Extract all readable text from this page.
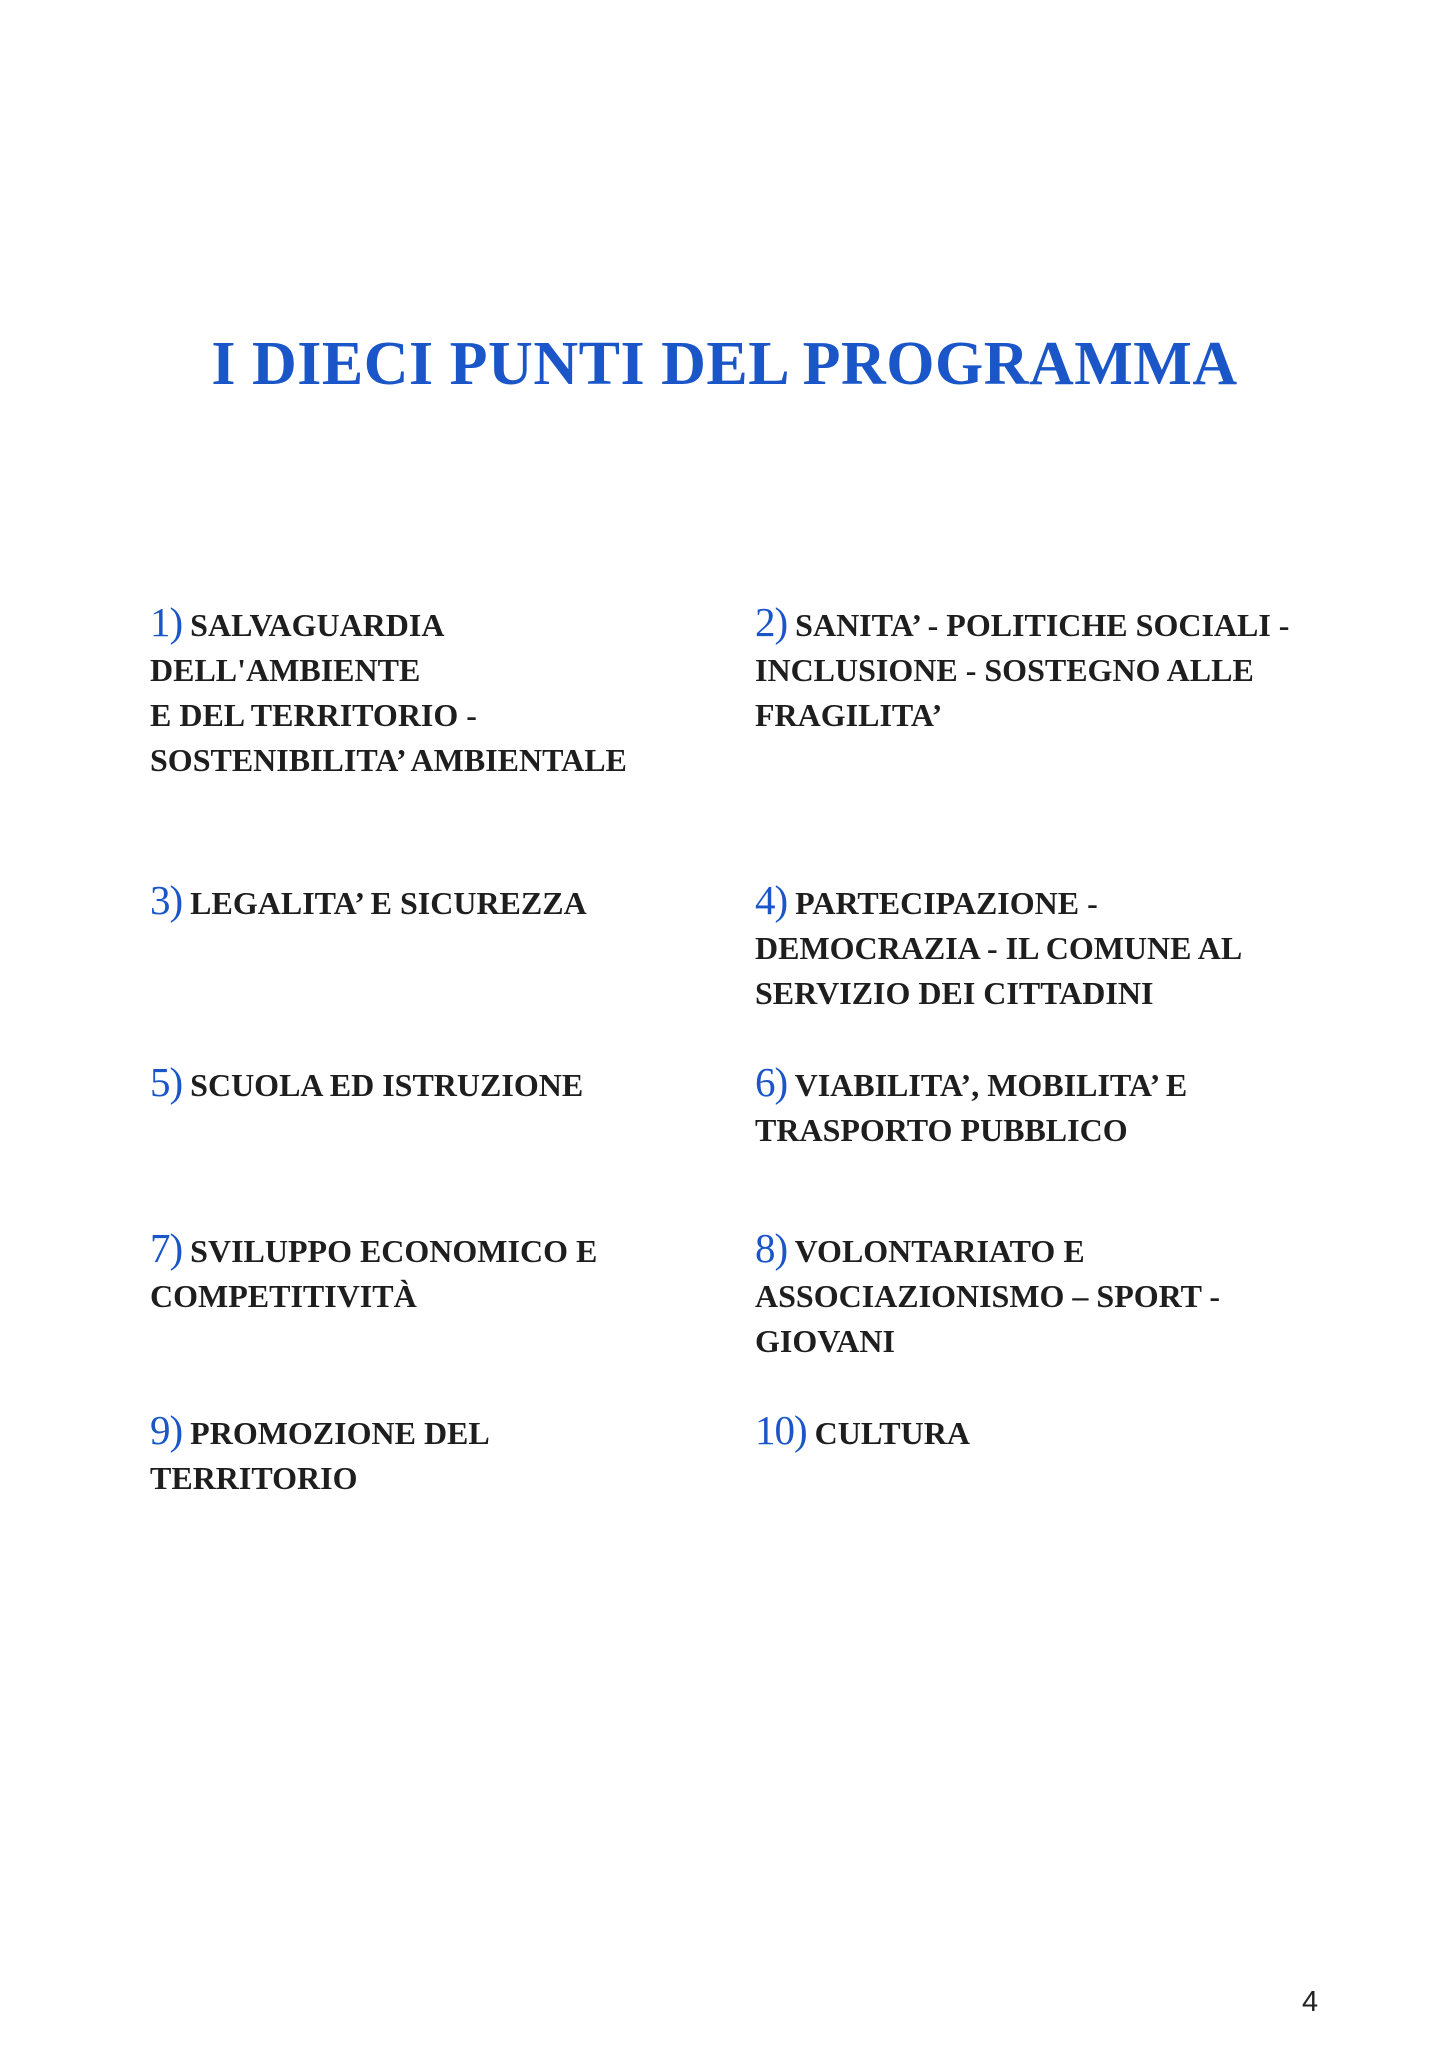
I DIECI PUNTI DEL PROGRAMMA
1) SALVAGUARDIA
DELL'AMBIENTE
E DEL TERRITORIO -
SOSTENIBILITA’ AMBIENTALE
2) SANITA’ - POLITICHE SOCIALI -
INCLUSIONE - SOSTEGNO ALLE
FRAGILITA’
3) LEGALITA’ E SICUREZZA	4) PARTECIPAZIONE -
DEMOCRAZIA - IL COMUNE AL
SERVIZIO DEI CITTADINI
5) SCUOLA ED ISTRUZIONE	6) VIABILITA’, MOBILITA’ E
TRASPORTO PUBBLICO
7) SVILUPPO ECONOMICO E
COMPETITIVITÀ
8) VOLONTARIATO E
ASSOCIAZIONISMO – SPORT -
GIOVANI
9) PROMOZIONE DEL
TERRITORIO
10) CULTURA
4
